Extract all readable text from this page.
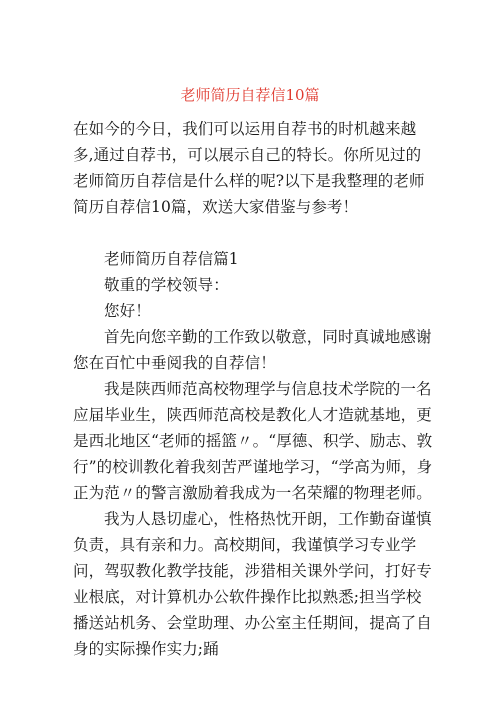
老师简历自荐信10篇

在如今的今日，我们可以运用自荐书的时机越来越多,通过自荐书，可以展示自己的特长。你所见过的老师简历自荐信是什么样的呢?以下是我整理的老师简历自荐信10篇，欢送大家借鉴与参考！

老师简历自荐信篇1

敬重的学校领导：

您好！

首先向您辛勤的工作致以敬意，同时真诚地感谢您在百忙中垂阅我的自荐信！

我是陕西师范高校物理学与信息技术学院的一名应届毕业生，陕西师范高校是教化人才造就基地，更是西北地区“老师的摇篮〃。“厚德、积学、励志、敦行”的校训教化着我刻苦严谨地学习，“学高为师，身正为范〃的警言激励着我成为一名荣耀的物理老师。

我为人恳切虚心，性格热忱开朗，工作勤奋谨慎负责，具有亲和力。高校期间，我谨慎学习专业学问，驾驭教化教学技能，涉猎相关课外学问，打好专业根底，对计算机办公软件操作比拟熟悉;担当学校播送站机务、会堂助理、办公室主任期间，提高了自身的实际操作实力;踊
